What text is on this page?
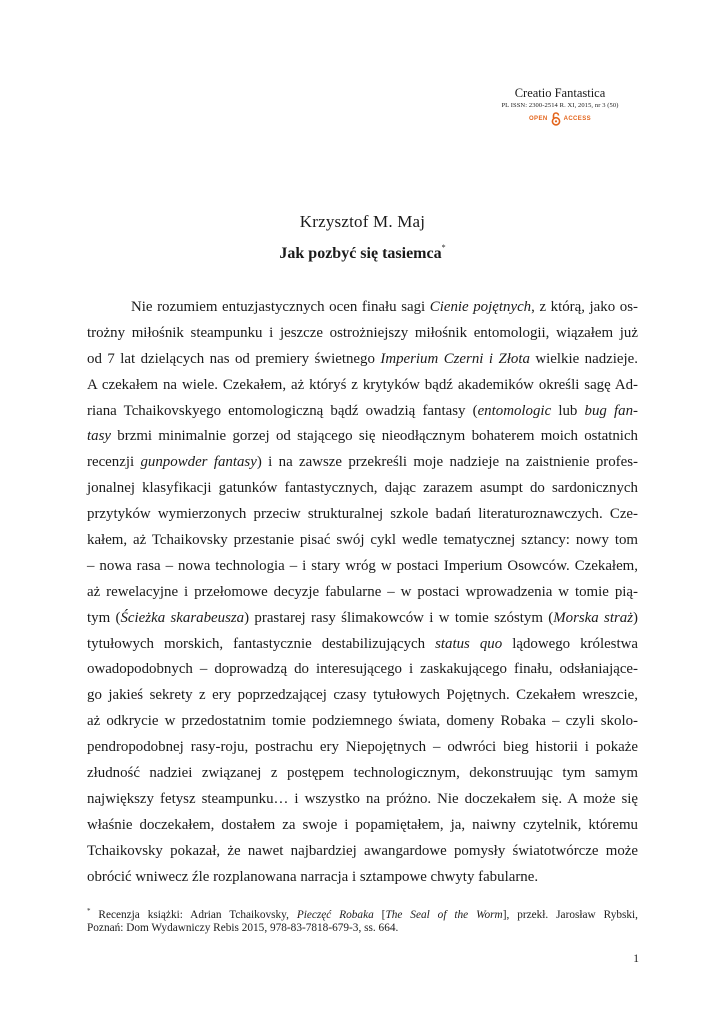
Creatio Fantastica
PL ISSN: 2300-2514 R. XI, 2015, nr 3 (50)
OPEN	ACCESS
Krzysztof M. Maj
Jak pozbyć się tasiemca*
Nie rozumiem entuzjastycznych ocen finału sagi Cienie pojętnych, z którą, jako os-
trożny miłośnik steampunku i jeszcze ostrożniejszy miłośnik entomologii, wiązałem już
od 7 lat dzielących nas od premiery świetnego Imperium Czerni i Złota wielkie nadzieje.
A czekałem na wiele. Czekałem, aż któryś z krytyków bądź akademików określi sagę Ad-
riana Tchaikovskyego entomologiczną bądź owadzią fantasy (entomologic lub bug fan-
tasy brzmi minimalnie gorzej od stającego się nieodłącznym bohaterem moich ostatnich
recenzji gunpowder fantasy) i na zawsze przekreśli moje nadzieje na zaistnienie profes-
jonalnej klasyfikacji gatunków fantastycznych, dając zarazem asumpt do sardonicznych
przytyków wymierzonych przeciw strukturalnej szkole badań literaturoznawczych. Cze-
kałem, aż Tchaikovsky przestanie pisać swój cykl wedle tematycznej sztancy: nowy tom
– nowa rasa – nowa technologia – i stary wróg w postaci Imperium Osowców. Czekałem,
aż rewelacyjne i przełomowe decyzje fabularne – w postaci wprowadzenia w tomie pią-
tym (Ścieżka skarabeusza) prastarej rasy ślimakowców i w tomie szóstym (Morska straż)
tytułowych morskich, fantastycznie destabilizujących status quo lądowego królestwa
owadopodobnych – doprowadzą do interesującego i zaskakującego finału, odsłaniające-
go jakieś sekrety z ery poprzedzającej czasy tytułowych Pojętnych. Czekałem wreszcie,
aż odkrycie w przedostatnim tomie podziemnego świata, domeny Robaka – czyli skolo-
pendropodobnej rasy-roju, postrachu ery Niepojętnych – odwróci bieg historii i pokaże
złudność nadziei związanej z postępem technologicznym, dekonstruując tym samym
największy fetysz steampunku… i wszystko na próżno. Nie doczekałem się. A może się
właśnie doczekałem, dostałem za swoje i popamiętałem, ja, naiwny czytelnik, któremu
Tchaikovsky pokazał, że nawet najbardziej awangardowe pomysły światotwórcze może
obrócić wniwecz źle rozplanowana narracja i sztampowe chwyty fabularne.
* Recenzja książki: Adrian Tchaikovsky, Pieczęć Robaka [The Seal of the Worm], przekł. Jarosław Rybski,
Poznań: Dom Wydawniczy Rebis 2015, 978-83-7818-679-3, ss. 664.
1
